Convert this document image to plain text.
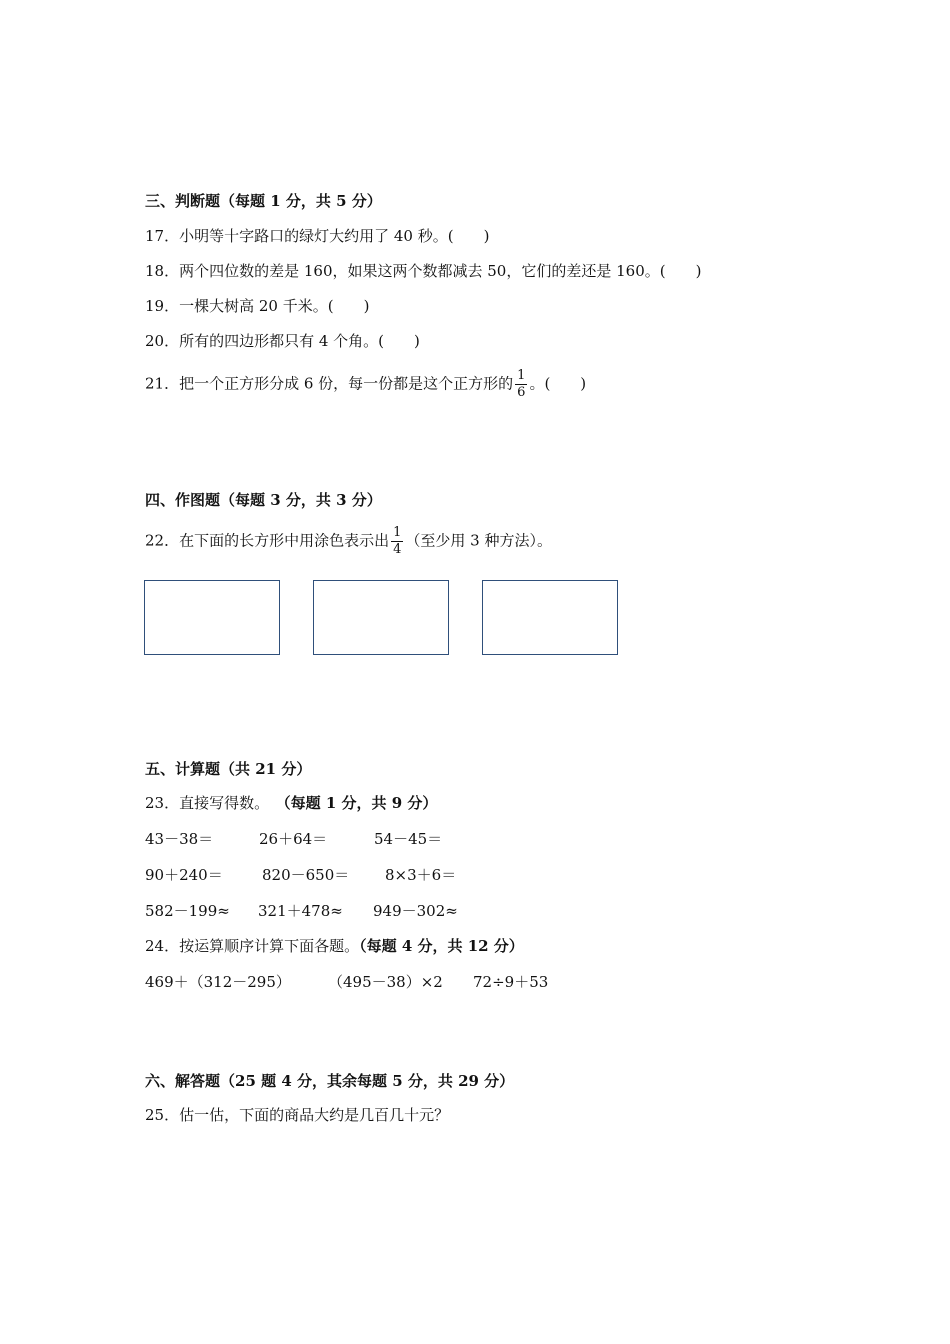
三、判断题（每题 1 分，共 5 分）
17．小明等十字路口的绿灯大约用了 40 秒。(　　)
18．两个四位数的差是 160，如果这两个数都减去 50，它们的差还是 160。(　　)
19．一棵大树高 20 千米。(　　)
20．所有的四边形都只有 4 个角。(　　)
21．把一个正方形分成 6 份，每一份都是这个正方形的 $\frac{1}{6}$ 。(　　)
四、作图题（每题 3 分，共 3 分）
22．在下面的长方形中用涂色表示出 $\frac{1}{4}$ （至少用 3 种方法）。
五、计算题（共 21 分）
23．直接写得数。 （每题 1 分，共 9 分）
43－38＝	26＋64＝	54－45＝
90＋240＝	820－650＝ 8×3＋6＝
582－199≈ 321＋478≈ 949－302≈
24．按运算顺序计算下面各题。（每题 4 分，共 12 分）
469＋（312－295） （495－38）×2 72÷9＋53
六、解答题（25 题 4 分，其余每题 5 分，共 29 分）
25．估一估，下面的商品大约是几百几十元？
